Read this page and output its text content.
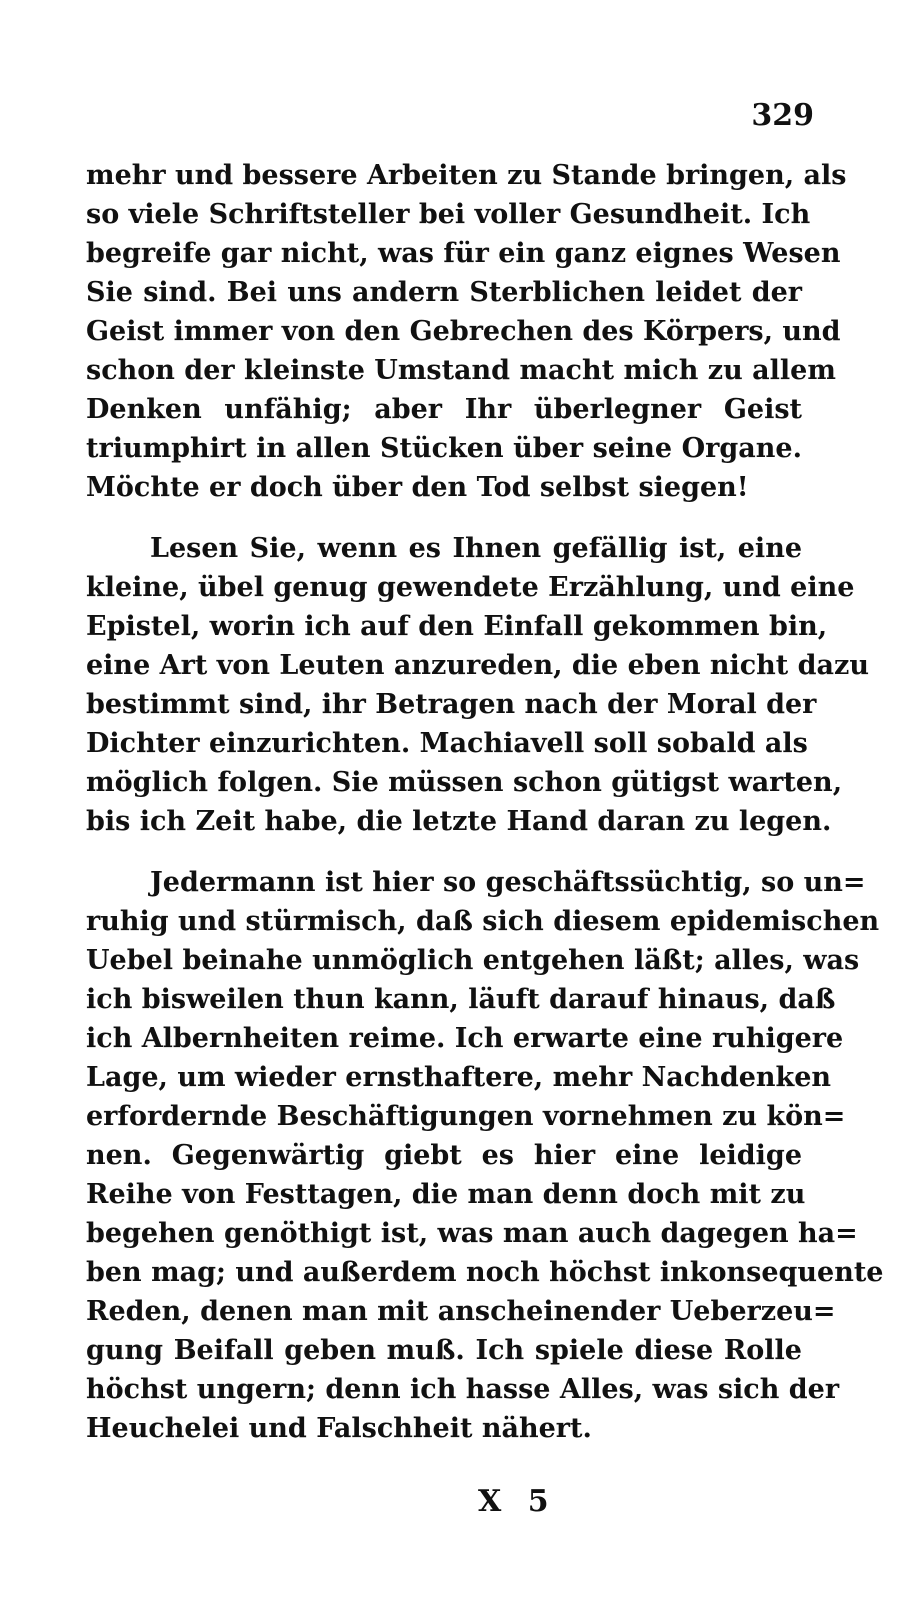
329
mehr und bessere Arbeiten zu Stande bringen, als
so viele Schriftsteller bei voller Gesundheit. Ich
begreife gar nicht, was für ein ganz eignes Wesen
Sie sind. Bei uns andern Sterblichen leidet der
Geist immer von den Gebrechen des Körpers, und
schon der kleinste Umstand macht mich zu allem
Denken unfähig; aber Ihr überlegner Geist
triumphirt in allen Stücken über seine Organe.
Möchte er doch über den Tod selbst siegen!
Lesen Sie, wenn es Ihnen gefällig ist, eine
kleine, übel genug gewendete Erzählung, und eine
Epistel, worin ich auf den Einfall gekommen bin,
eine Art von Leuten anzureden, die eben nicht dazu
bestimmt sind, ihr Betragen nach der Moral der
Dichter einzurichten. Machiavell soll sobald als
möglich folgen. Sie müssen schon gütigst warten,
bis ich Zeit habe, die letzte Hand daran zu legen.
Jedermann ist hier so geschäftssüchtig, so un=
ruhig und stürmisch, daß sich diesem epidemischen
Uebel beinahe unmöglich entgehen läßt; alles, was
ich bisweilen thun kann, läuft darauf hinaus, daß
ich Albernheiten reime. Ich erwarte eine ruhigere
Lage, um wieder ernsthaftere, mehr Nachdenken
erfordernde Beschäftigungen vornehmen zu kön=
nen. Gegenwärtig giebt es hier eine leidige
Reihe von Festtagen, die man denn doch mit zu
begehen genöthigt ist, was man auch dagegen ha=
ben mag; und außerdem noch höchst inkonsequente
Reden, denen man mit anscheinender Ueberzeu=
gung Beifall geben muß. Ich spiele diese Rolle
höchst ungern; denn ich hasse Alles, was sich der
Heuchelei und Falschheit nähert.
X 5
